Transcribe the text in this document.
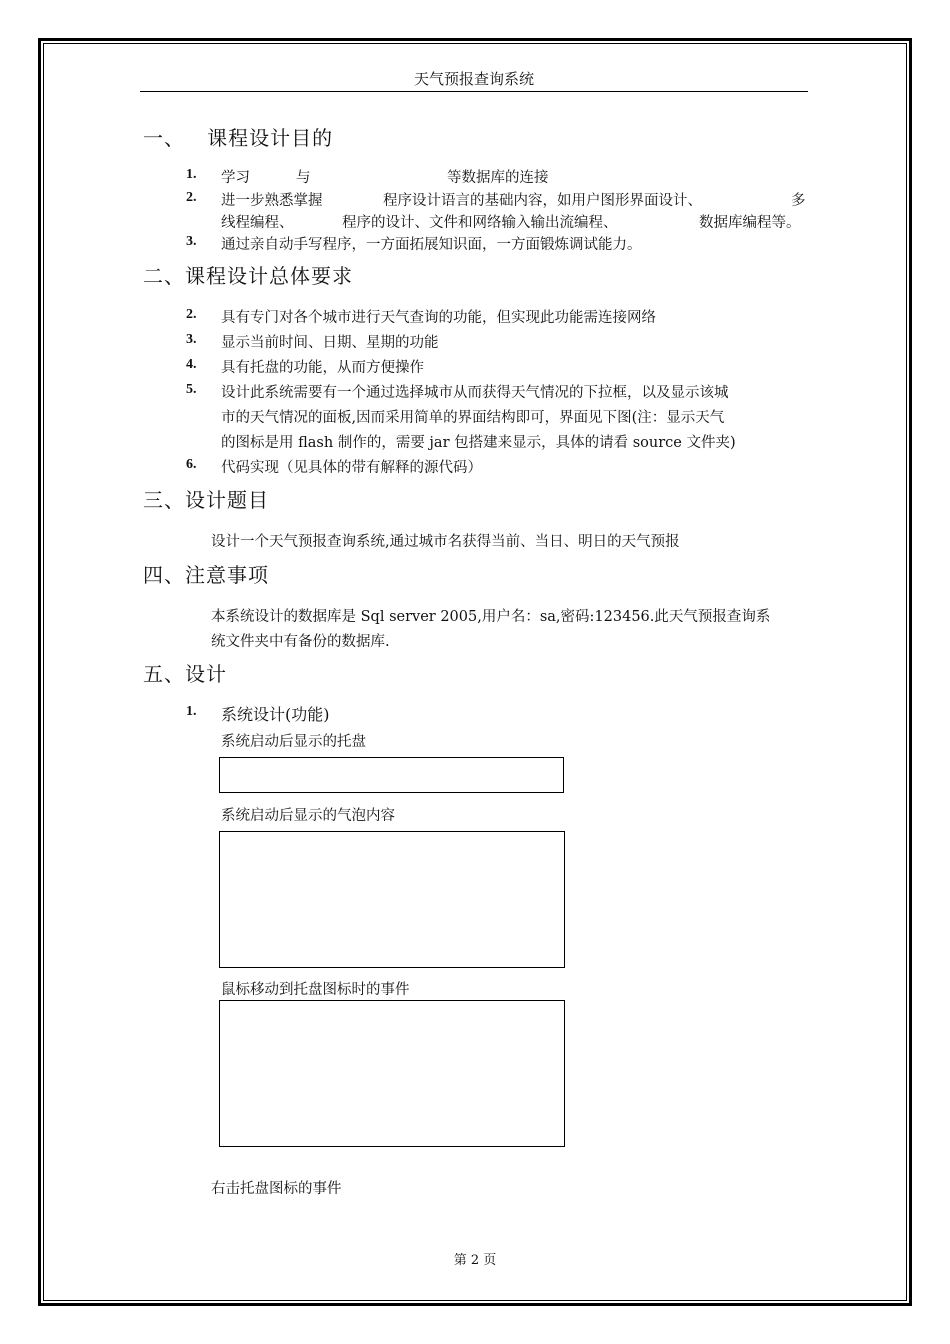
天气预报查询系统
一、   课程设计目的
1. 学习	与	等数据库的连接
2. 进一步熟悉掌握	程序设计语言的基础内容，如用户图形界面设计、	多
线程编程、	程序的设计、文件和网络输入输出流编程、	数据库编程等。
3. 通过亲自动手写程序，一方面拓展知识面，一方面锻炼调试能力。
二、课程设计总体要求
2. 具有专门对各个城市进行天气查询的功能，但实现此功能需连接网络
3. 显示当前时间、日期、星期的功能
4. 具有托盘的功能，从而方便操作
5. 设计此系统需要有一个通过选择城市从而获得天气情况的下拉框，以及显示该城
市的天气情况的面板,因而采用简单的界面结构即可，界面见下图(注：显示天气
的图标是用 flash 制作的，需要 jar 包搭建来显示，具体的请看 source 文件夹)
6. 代码实现（见具体的带有解释的源代码）
三、设计题目
设计一个天气预报查询系统,通过城市名获得当前、当日、明日的天气预报
四、注意事项
本系统设计的数据库是 Sql server 2005,用户名：sa,密码:123456.此天气预报查询系
统文件夹中有备份的数据库.
五、设计
1. 系统设计(功能)
系统启动后显示的托盘
系统启动后显示的气泡内容
鼠标移动到托盘图标时的事件
右击托盘图标的事件
第 2 页
